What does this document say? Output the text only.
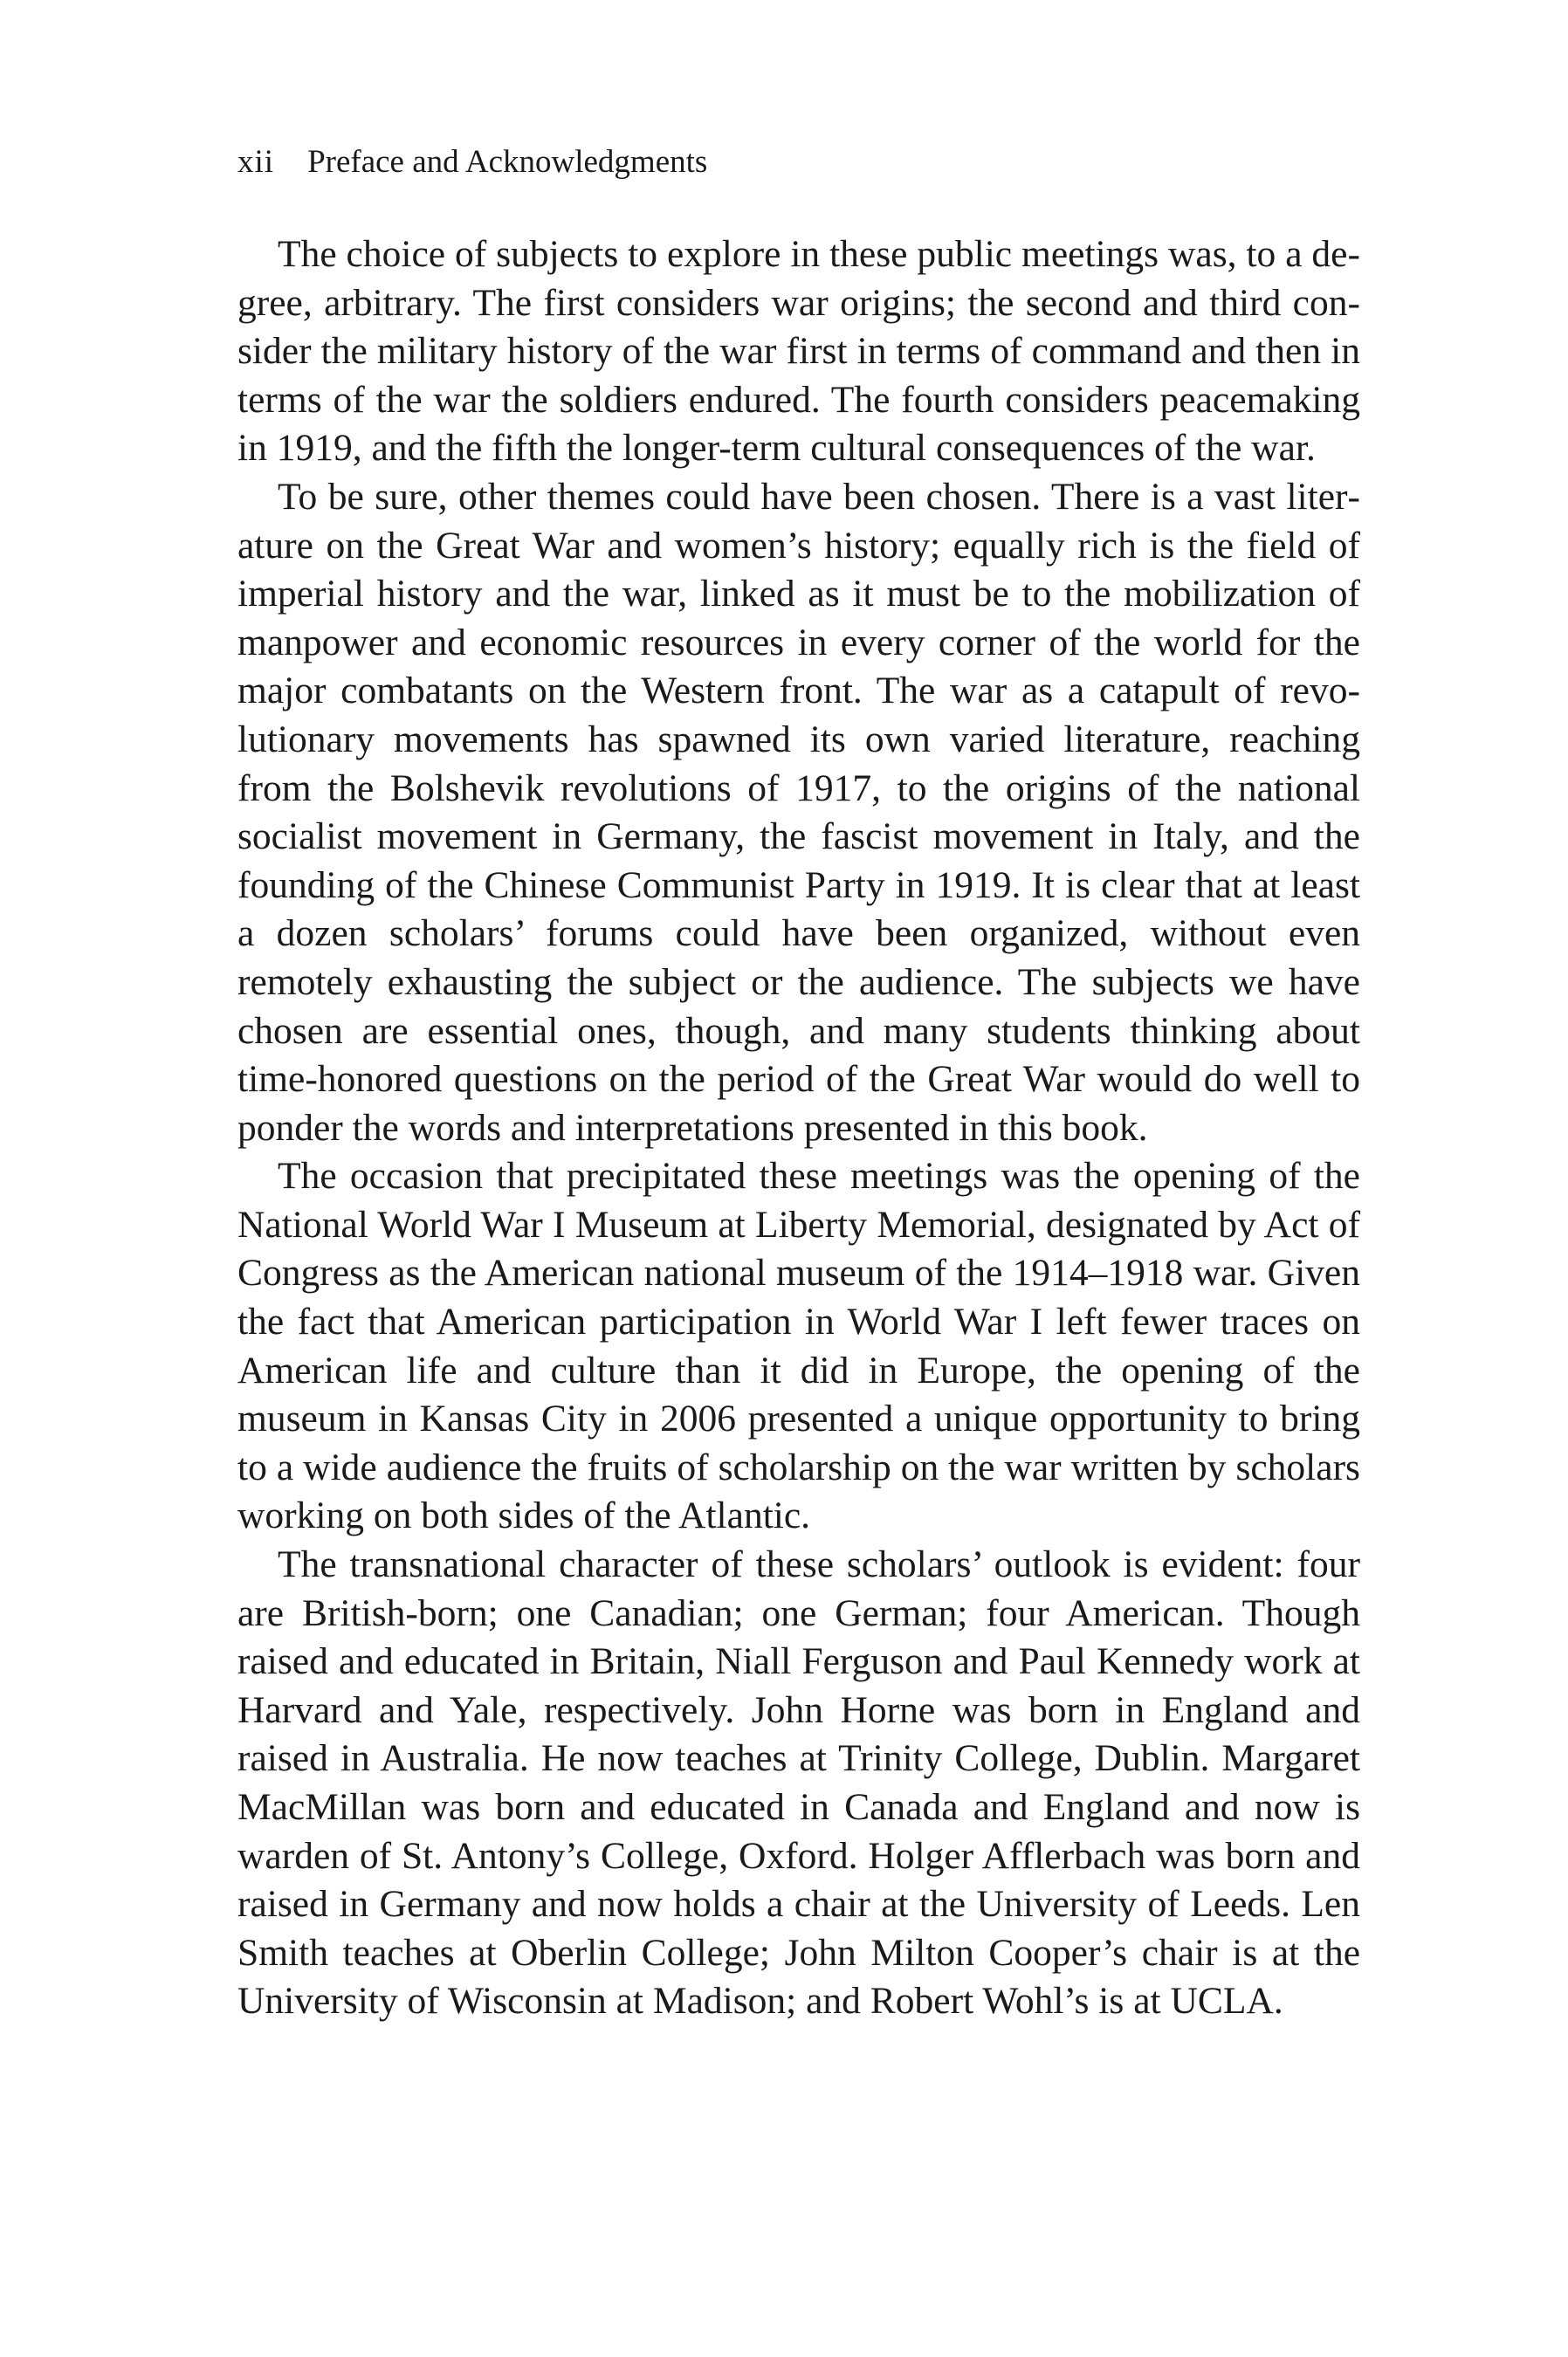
xii Preface and Acknowledgments

The choice of subjects to explore in these public meetings was, to a degree, arbitrary. The first considers war origins; the second and third consider the military history of the war first in terms of command and then in terms of the war the soldiers endured. The fourth considers peacemaking in 1919, and the fifth the longer-term cultural consequences of the war.

To be sure, other themes could have been chosen. There is a vast literature on the Great War and women’s history; equally rich is the field of imperial history and the war, linked as it must be to the mobilization of manpower and economic resources in every corner of the world for the major combatants on the Western front. The war as a catapult of revolutionary movements has spawned its own varied literature, reaching from the Bolshevik revolutions of 1917, to the origins of the national socialist movement in Germany, the fascist movement in Italy, and the founding of the Chinese Communist Party in 1919. It is clear that at least a dozen scholars’ forums could have been organized, without even remotely exhausting the subject or the audience. The subjects we have chosen are essential ones, though, and many students thinking about time-honored questions on the period of the Great War would do well to ponder the words and interpretations presented in this book.

The occasion that precipitated these meetings was the opening of the National World War I Museum at Liberty Memorial, designated by Act of Congress as the American national museum of the 1914–1918 war. Given the fact that American participation in World War I left fewer traces on American life and culture than it did in Europe, the opening of the museum in Kansas City in 2006 presented a unique opportunity to bring to a wide audience the fruits of scholarship on the war written by scholars working on both sides of the Atlantic.

The transnational character of these scholars’ outlook is evident: four are British-born; one Canadian; one German; four American. Though raised and educated in Britain, Niall Ferguson and Paul Kennedy work at Harvard and Yale, respectively. John Horne was born in England and raised in Australia. He now teaches at Trinity College, Dublin. Margaret MacMillan was born and educated in Canada and England and now is warden of St. Antony’s College, Oxford. Holger Afflerbach was born and raised in Germany and now holds a chair at the University of Leeds. Len Smith teaches at Oberlin College; John Milton Cooper’s chair is at the University of Wisconsin at Madison; and Robert Wohl’s is at UCLA.
